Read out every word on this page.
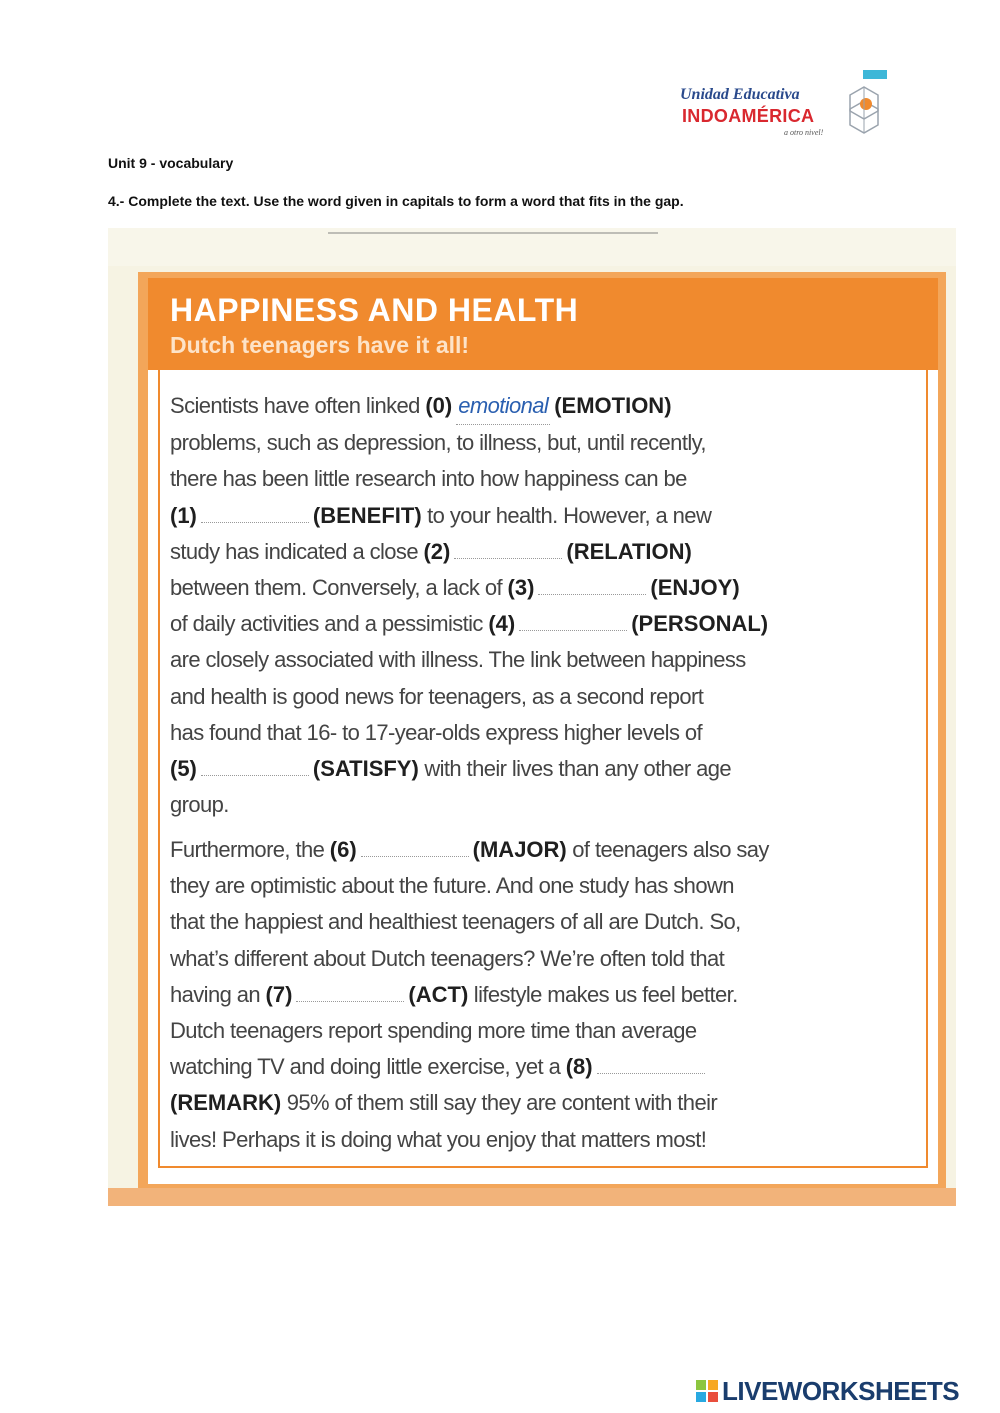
Unidad Educativa
INDOAMÉRICA
a otro nivel!
Unit 9 - vocabulary
4.- Complete the text. Use the word given in capitals to form a word that fits in the gap.
HAPPINESS AND HEALTH
Dutch teenagers have it all!
Scientists have often linked (0) emotional (EMOTION)
problems, such as depression, to illness, but, until recently,
there has been little research into how happiness can be
(1)	(BENEFIT) to your health. However, a new
study has indicated a close (2)	(RELATION)
between them. Conversely, a lack of (3)	(ENJOY)
of daily activities and a pessimistic (4)	(PERSONAL)
are closely associated with illness. The link between happiness
and health is good news for teenagers, as a second report
has found that 16- to 17-year-olds express higher levels of
(5)	(SATISFY) with their lives than any other age
group.
Furthermore, the (6)	(MAJOR) of teenagers also say
they are optimistic about the future. And one study has shown
that the happiest and healthiest teenagers of all are Dutch. So,
what’s different about Dutch teenagers? We’re often told that
having an (7)	(ACT) lifestyle makes us feel better.
Dutch teenagers report spending more time than average
watching TV and doing little exercise, yet a (8)
(REMARK) 95% of them still say they are content with their
lives! Perhaps it is doing what you enjoy that matters most!
LIVEWORKSHEETS
